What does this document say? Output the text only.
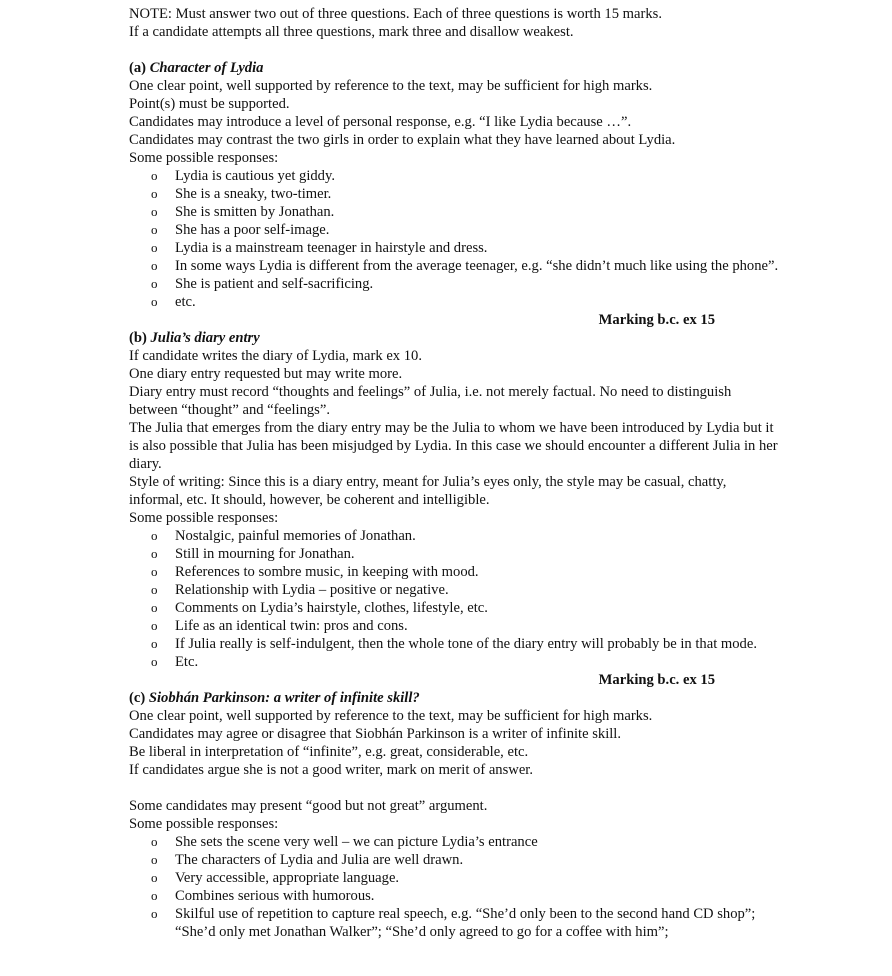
NOTE: Must answer two out of three questions. Each of three questions is worth 15 marks.

If a candidate attempts all three questions, mark three and disallow weakest.

(a) Character of Lydia

One clear point, well supported by reference to the text, may be sufficient for high marks.

Point(s) must be supported.

Candidates may introduce a level of personal response, e.g. “I like Lydia because …”.

Candidates may contrast the two girls in order to explain what they have learned about Lydia.

Some possible responses:

o Lydia is cautious yet giddy.
o She is a sneaky, two-timer.
o She is smitten by Jonathan.
o She has a poor self-image.
o Lydia is a mainstream teenager in hairstyle and dress.
o In some ways Lydia is different from the average teenager, e.g. “she didn’t much like using the phone”.
o She is patient and self-sacrificing.
o etc.

Marking b.c. ex 15

(b) Julia’s diary entry

If candidate writes the diary of Lydia, mark ex 10.

One diary entry requested but may write more.

Diary entry must record “thoughts and feelings” of Julia, i.e. not merely factual. No need to distinguish between “thought” and “feelings”.

The Julia that emerges from the diary entry may be the Julia to whom we have been introduced by Lydia but it is also possible that Julia has been misjudged by Lydia. In this case we should encounter a different Julia in her diary.

Style of writing: Since this is a diary entry, meant for Julia’s eyes only, the style may be casual, chatty, informal, etc. It should, however, be coherent and intelligible.

Some possible responses:

o Nostalgic, painful memories of Jonathan.
o Still in mourning for Jonathan.
o References to sombre music, in keeping with mood.
o Relationship with Lydia – positive or negative.
o Comments on Lydia’s hairstyle, clothes, lifestyle, etc.
o Life as an identical twin: pros and cons.
o If Julia really is self-indulgent, then the whole tone of the diary entry will probably be in that mode.
o Etc.

Marking b.c. ex 15

(c) Siobhán Parkinson: a writer of infinite skill?

One clear point, well supported by reference to the text, may be sufficient for high marks.

Candidates may agree or disagree that Siobhán Parkinson is a writer of infinite skill.

Be liberal in interpretation of “infinite”, e.g. great, considerable, etc.

If candidates argue she is not a good writer, mark on merit of answer.

Some candidates may present “good but not great” argument.

Some possible responses:

o She sets the scene very well – we can picture Lydia’s entrance
o The characters of Lydia and Julia are well drawn.
o Very accessible, appropriate language.
o Combines serious with humorous.
o Skilful use of repetition to capture real speech, e.g. “She’d only been to the second hand CD shop”; “She’d only met Jonathan Walker”; “She’d only agreed to go for a coffee with him”;
